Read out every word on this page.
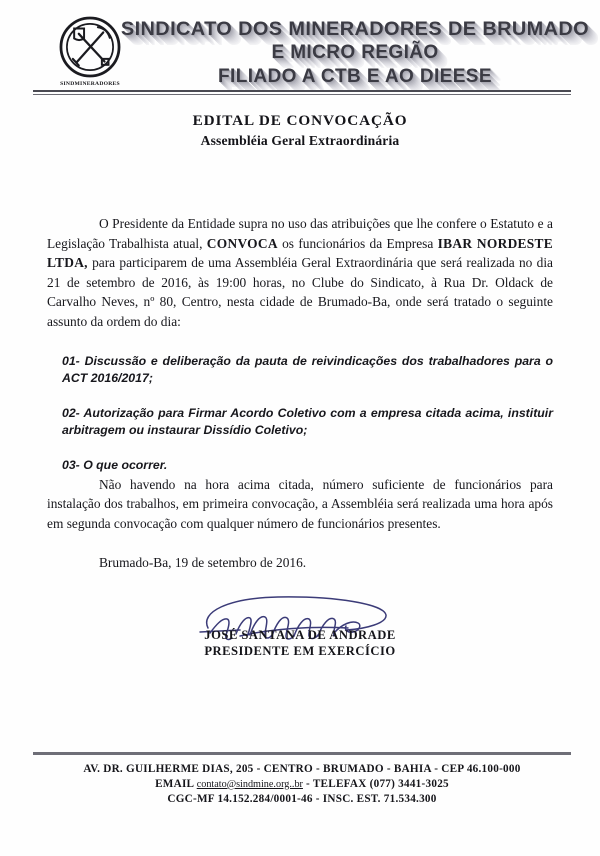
SINDMINERADORES
SINDICATO DOS MINERADORES DE BRUMADO
E MICRO REGIÃO
FILIADO A CTB E AO DIEESE
EDITAL DE CONVOCAÇÃO
Assembléia Geral Extraordinária

O Presidente da Entidade supra no uso das atribuições que lhe confere o Estatuto e a Legislação Trabalhista atual, CONVOCA os funcionários da Empresa IBAR NORDESTE LTDA, para participarem de uma Assembléia Geral Extraordinária que será realizada no dia 21 de setembro de 2016, às 19:00 horas, no Clube do Sindicato, à Rua Dr. Oldack de Carvalho Neves, nº 80, Centro, nesta cidade de Brumado-Ba, onde será tratado o seguinte assunto da ordem do dia:

01- Discussão e deliberação da pauta de reivindicações dos trabalhadores para o ACT 2016/2017;
02- Autorização para Firmar Acordo Coletivo com a empresa citada acima, instituir arbitragem ou instaurar Dissídio Coletivo;
03- O que ocorrer.

Não havendo na hora acima citada, número suficiente de funcionários para instalação dos trabalhos, em primeira convocação, a Assembléia será realizada uma hora após em segunda convocação com qualquer número de funcionários presentes.

Brumado-Ba, 19 de setembro de 2016.
JOSÉ SANTANA DE ANDRADE
PRESIDENTE EM EXERCÍCIO
AV. DR. GUILHERME DIAS, 205 - CENTRO - BRUMADO - BAHIA - CEP 46.100-000
EMAIL contato@sindmine.org..br - TELEFAX (077) 3441-3025
CGC-MF 14.152.284/0001-46 - INSC. EST. 71.534.300
